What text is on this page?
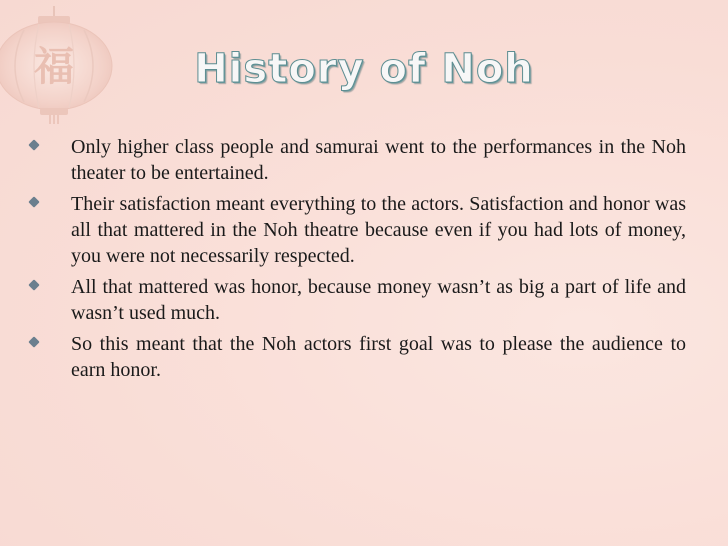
福	History of Noh
Only higher class people and samurai went to the performances in the Noh theater to be entertained.
Their satisfaction meant everything to the actors. Satisfaction and honor was all that mattered in the Noh theatre because even if you had lots of money, you were not necessarily respected.
All that mattered was honor, because money wasn’t as big a part of life and wasn’t used much.
So this meant that the Noh actors first goal was to please the audience to earn honor.
